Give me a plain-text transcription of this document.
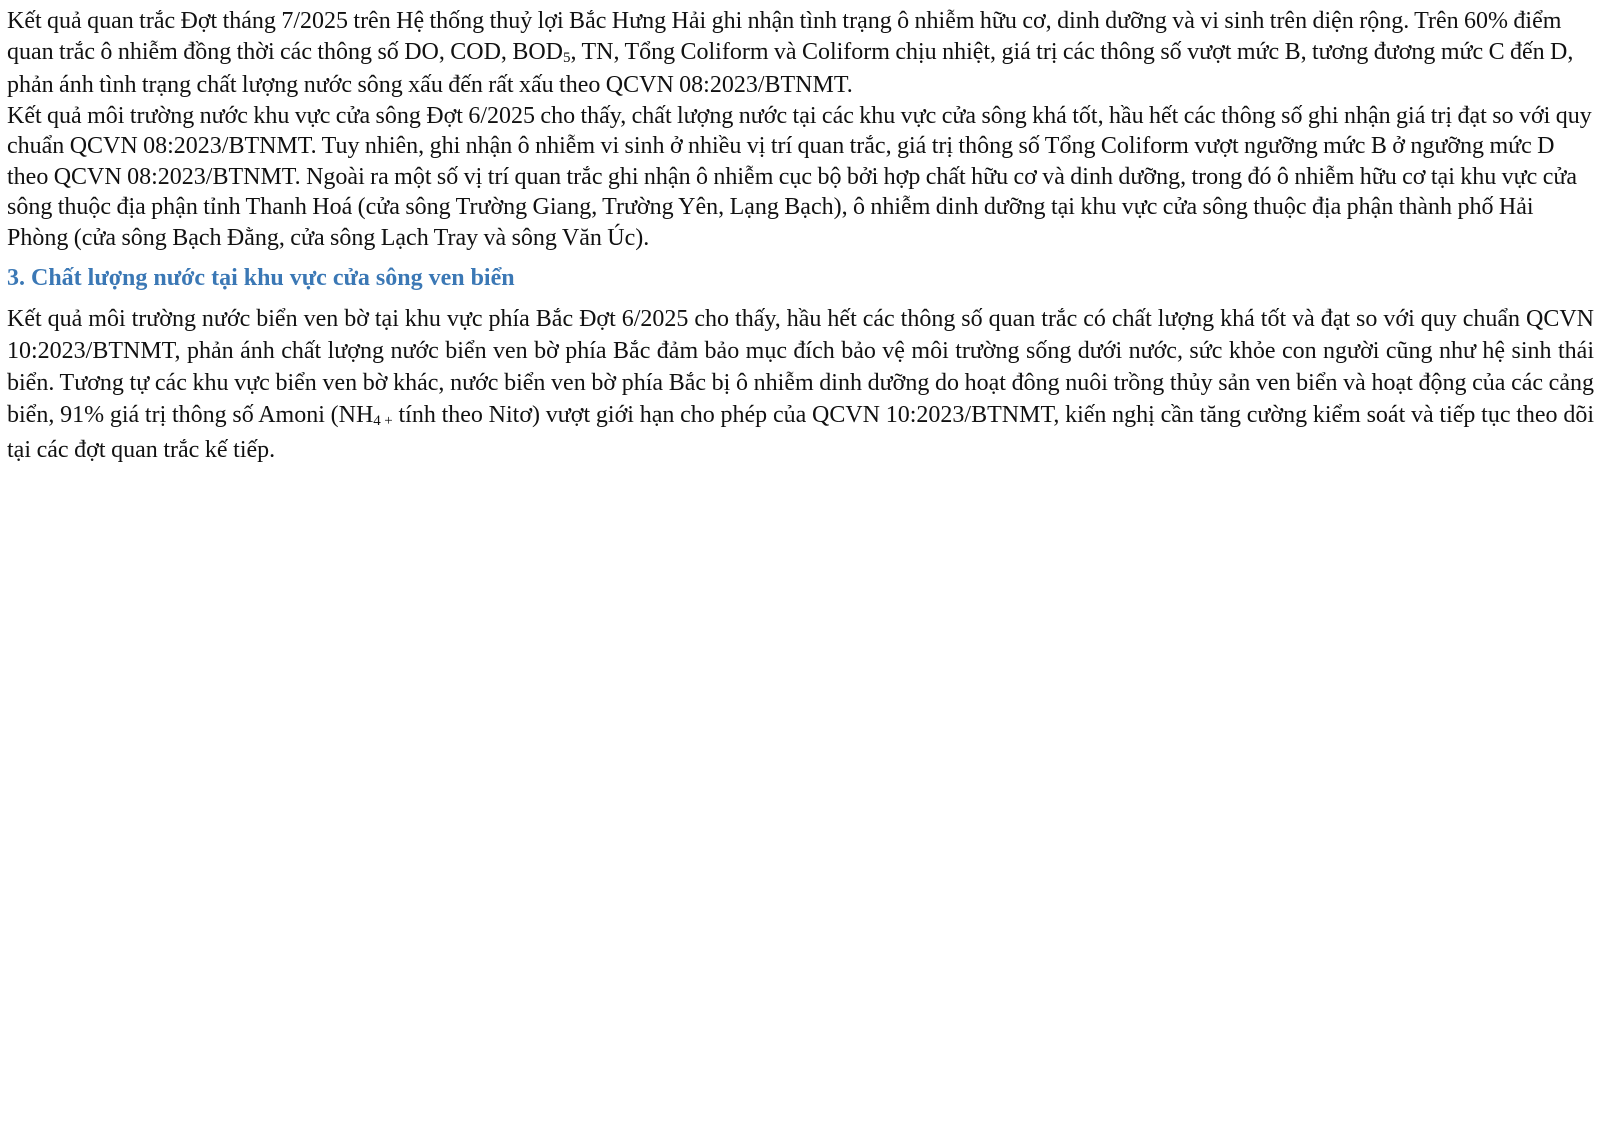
Kết quả quan trắc Đợt tháng 7/2025 trên Hệ thống thuỷ lợi Bắc Hưng Hải ghi nhận tình trạng ô nhiễm hữu cơ, dinh dưỡng và vi sinh trên diện rộng. Trên 60% điểm quan trắc ô nhiễm đồng thời các thông số DO, COD, BOD5, TN, Tổng Coliform và Coliform chịu nhiệt, giá trị các thông số vượt mức B, tương đương mức C đến D, phản ánh tình trạng chất lượng nước sông xấu đến rất xấu theo QCVN 08:2023/BTNMT.

Kết quả môi trường nước khu vực cửa sông Đợt 6/2025 cho thấy, chất lượng nước tại các khu vực cửa sông khá tốt, hầu hết các thông số ghi nhận giá trị đạt so với quy chuẩn QCVN 08:2023/BTNMT. Tuy nhiên, ghi nhận ô nhiễm vi sinh ở nhiều vị trí quan trắc, giá trị thông số Tổng Coliform vượt ngưỡng mức B ở ngưỡng mức D theo QCVN 08:2023/BTNMT. Ngoài ra một số vị trí quan trắc ghi nhận ô nhiễm cục bộ bởi hợp chất hữu cơ và dinh dưỡng, trong đó ô nhiễm hữu cơ tại khu vực cửa sông thuộc địa phận tỉnh Thanh Hoá (cửa sông Trường Giang, Trường Yên, Lạng Bạch), ô nhiễm dinh dưỡng tại khu vực cửa sông thuộc địa phận thành phố Hải Phòng (cửa sông Bạch Đằng, cửa sông Lạch Tray và sông Văn Úc).

3. Chất lượng nước tại khu vực cửa sông ven biển

Kết quả môi trường nước biển ven bờ tại khu vực phía Bắc Đợt 6/2025 cho thấy, hầu hết các thông số quan trắc có chất lượng khá tốt và đạt so với quy chuẩn QCVN 10:2023/BTNMT, phản ánh chất lượng nước biển ven bờ phía Bắc đảm bảo mục đích bảo vệ môi trường sống dưới nước, sức khỏe con người cũng như hệ sinh thái biển. Tương tự các khu vực biển ven bờ khác, nước biển ven bờ phía Bắc bị ô nhiễm dinh dưỡng do hoạt đông nuôi trồng thủy sản ven biển và hoạt động của các cảng biển, 91% giá trị thông số Amoni (NH4 + tính theo Nitơ) vượt giới hạn cho phép của QCVN 10:2023/BTNMT, kiến nghị cần tăng cường kiểm soát và tiếp tục theo dõi tại các đợt quan trắc kế tiếp.
